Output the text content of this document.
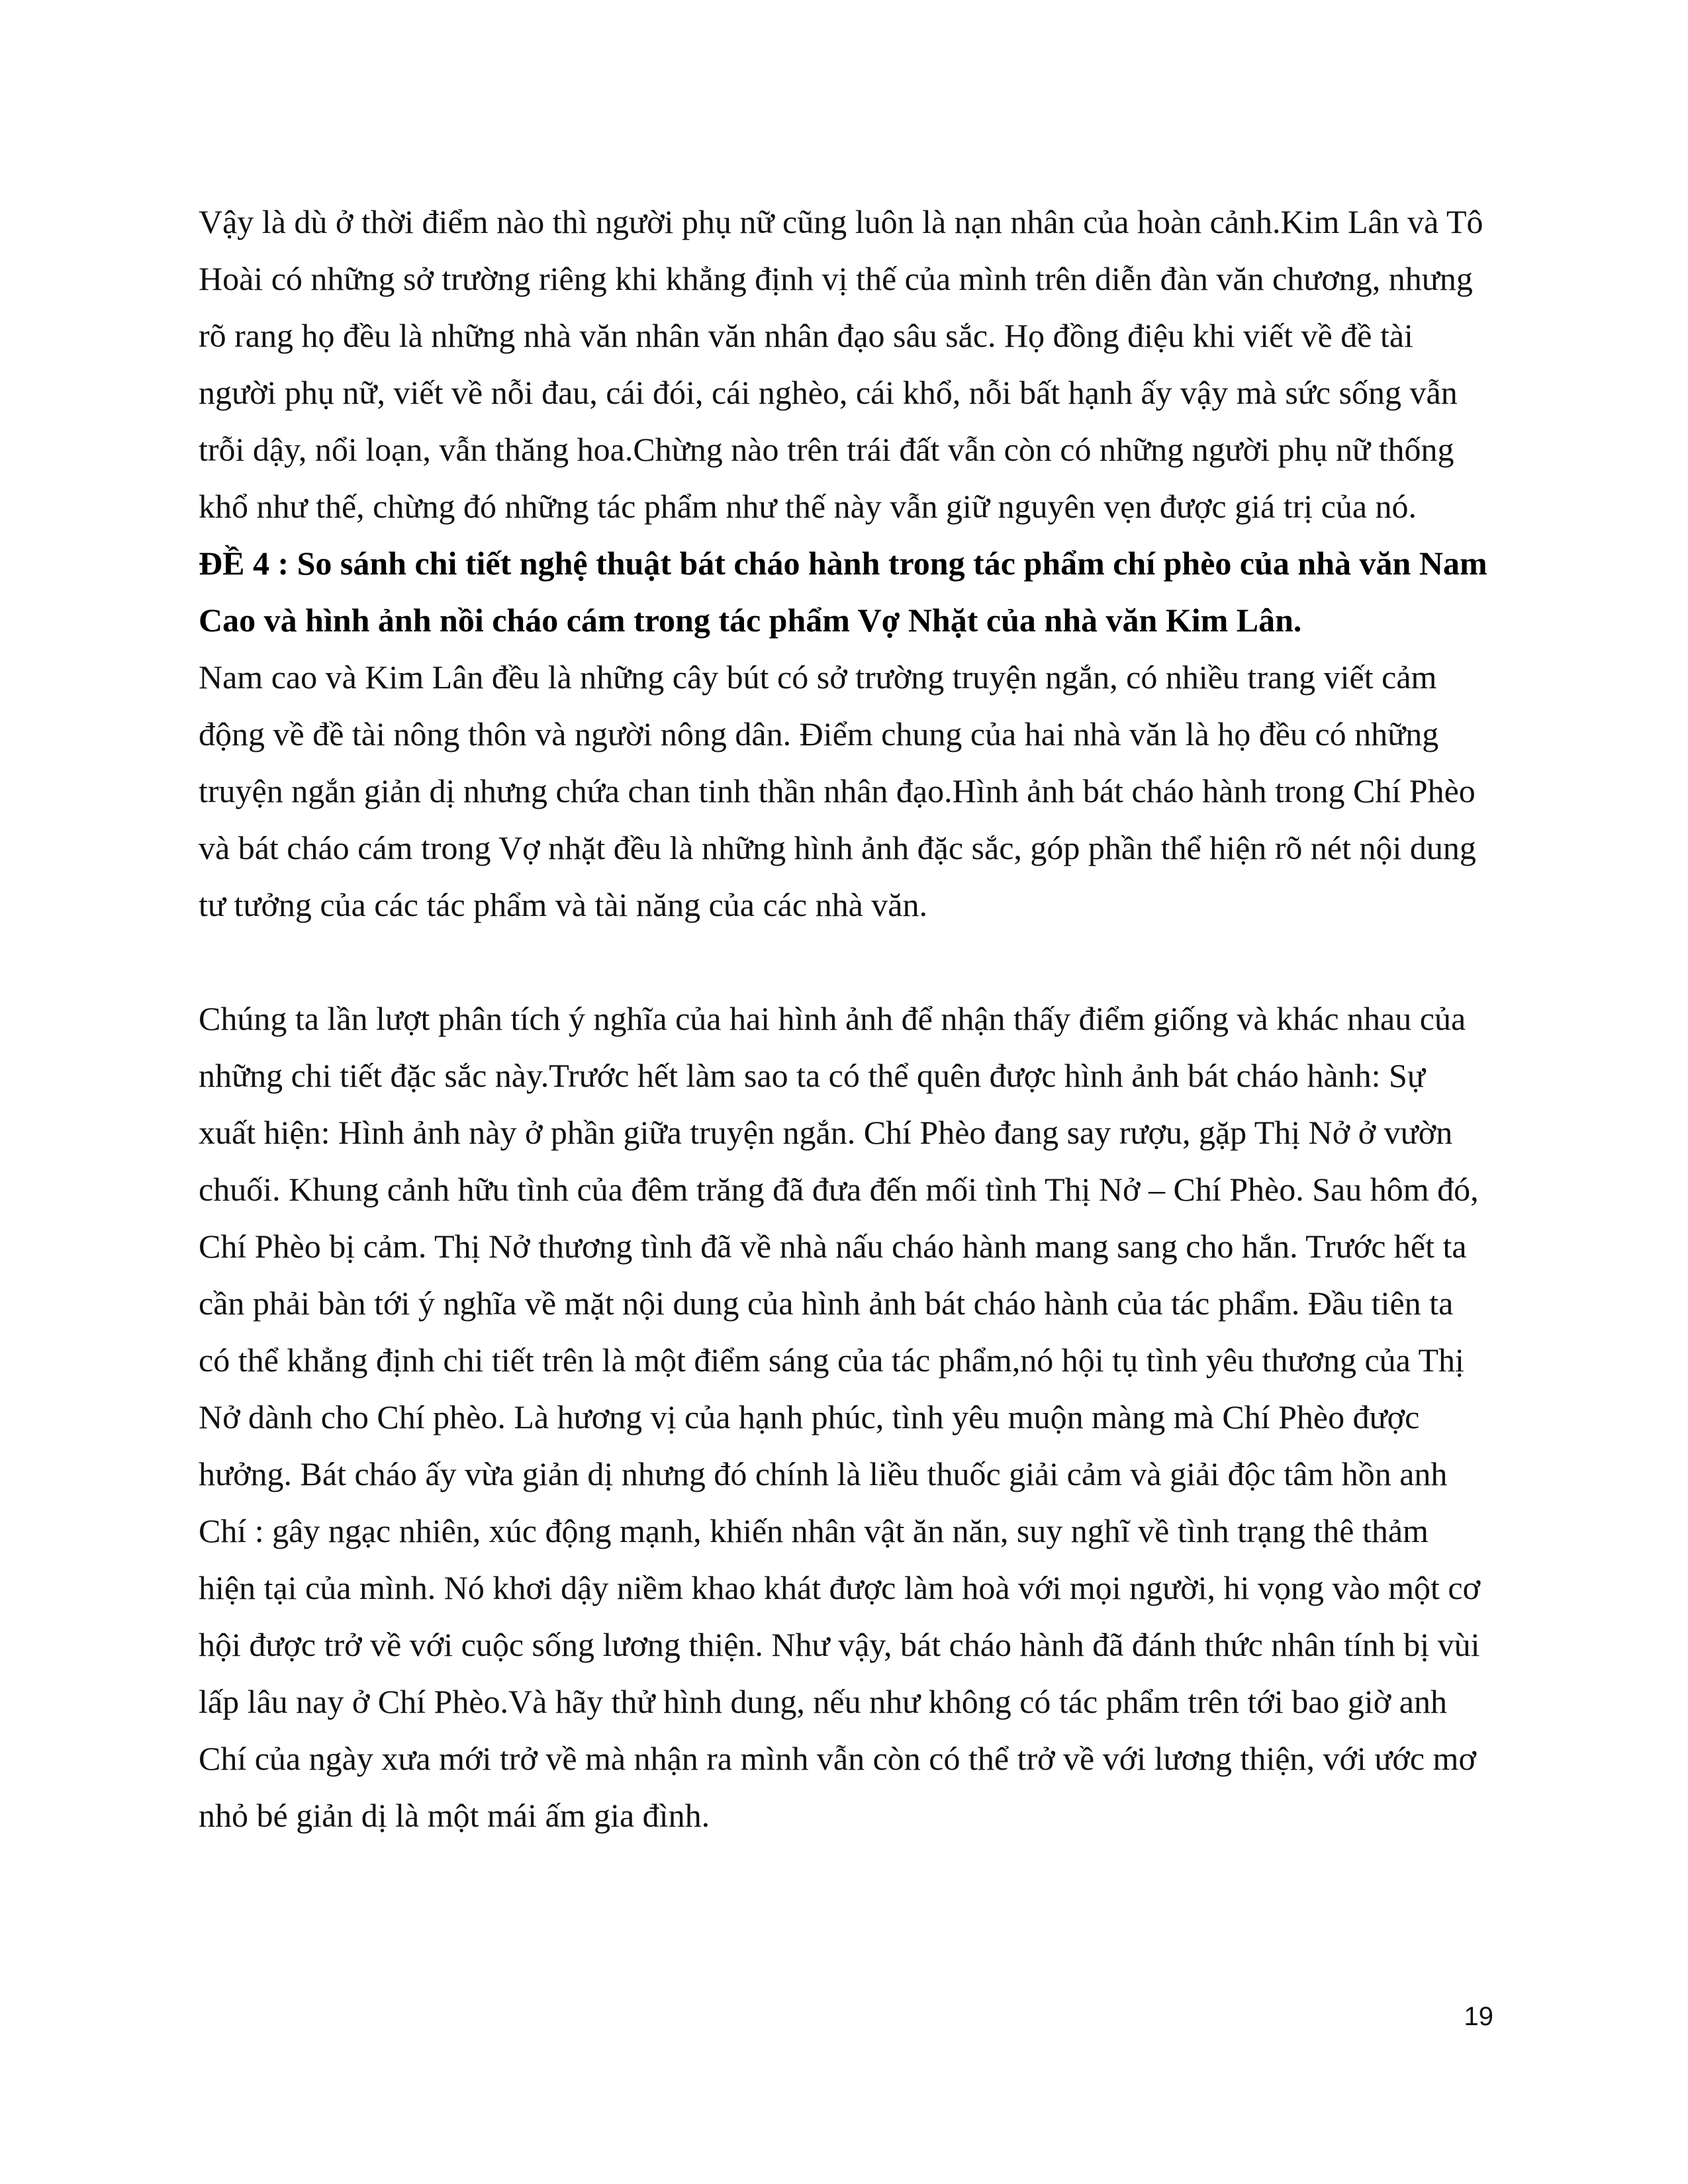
Vậy là dù ở thời điểm nào thì người phụ nữ cũng luôn là nạn nhân của hoàn cảnh.Kim Lân và Tô Hoài có những sở trường riêng khi khẳng định vị thế của mình trên diễn đàn văn chương, nhưng rõ rang họ đều là những nhà văn nhân văn nhân đạo sâu sắc. Họ đồng điệu khi viết về đề tài người phụ nữ, viết về nỗi đau, cái đói, cái nghèo, cái khổ, nỗi bất hạnh ấy vậy mà sức sống vẫn trỗi dậy, nổi loạn, vẫn thăng hoa.Chừng nào trên trái đất vẫn còn có những người phụ nữ thống khổ như thế, chừng đó những tác phẩm như thế này vẫn giữ nguyên vẹn được giá trị của nó.

ĐỀ 4 : So sánh chi tiết nghệ thuật bát cháo hành trong tác phẩm chí phèo của nhà văn Nam Cao và hình ảnh nồi cháo cám trong tác phẩm Vợ Nhặt của nhà văn Kim Lân.

Nam cao và Kim Lân đều là những cây bút có sở trường truyện ngắn, có nhiều trang viết cảm động về đề tài nông thôn và người nông dân. Điểm chung của hai nhà văn là họ đều có những truyện ngắn giản dị nhưng chứa chan tinh thần nhân đạo.Hình ảnh bát cháo hành trong Chí Phèo và bát cháo cám trong Vợ nhặt đều là những hình ảnh đặc sắc, góp phần thể hiện rõ nét nội dung tư tưởng của các tác phẩm và tài năng của các nhà văn.

Chúng ta lần lượt phân tích ý nghĩa của hai hình ảnh để nhận thấy điểm giống và khác nhau của những chi tiết đặc sắc này.Trước hết làm sao ta có thể quên được hình ảnh bát cháo hành: Sự xuất hiện: Hình ảnh này ở phần giữa truyện ngắn. Chí Phèo đang say rượu, gặp Thị Nở ở vườn chuối. Khung cảnh hữu tình của đêm trăng đã đưa đến mối tình Thị Nở – Chí Phèo. Sau hôm đó, Chí Phèo bị cảm. Thị Nở thương tình đã về nhà nấu cháo hành mang sang cho hắn. Trước hết ta cần phải bàn tới ý nghĩa về mặt nội dung của hình ảnh bát cháo hành của tác phẩm. Đầu tiên ta có thể khẳng định chi tiết trên là một điểm sáng của tác phẩm,nó hội tụ tình yêu thương của Thị Nở dành cho Chí phèo. Là hương vị của hạnh phúc, tình yêu muộn màng mà Chí Phèo được hưởng. Bát cháo ấy vừa giản dị nhưng đó chính là liều thuốc giải cảm và giải độc tâm hồn anh Chí : gây ngạc nhiên, xúc động mạnh, khiến nhân vật ăn năn, suy nghĩ về tình trạng thê thảm hiện tại của mình. Nó khơi dậy niềm khao khát được làm hoà với mọi người, hi vọng vào một cơ hội được trở về với cuộc sống lương thiện. Như vậy, bát cháo hành đã đánh thức nhân tính bị vùi lấp lâu nay ở Chí Phèo.Và hãy thử hình dung, nếu như không có tác phẩm trên tới bao giờ anh Chí của ngày xưa mới trở về mà nhận ra mình vẫn còn có thể trở về với lương thiện, với ước mơ nhỏ bé giản dị là một mái ấm gia đình.

19
